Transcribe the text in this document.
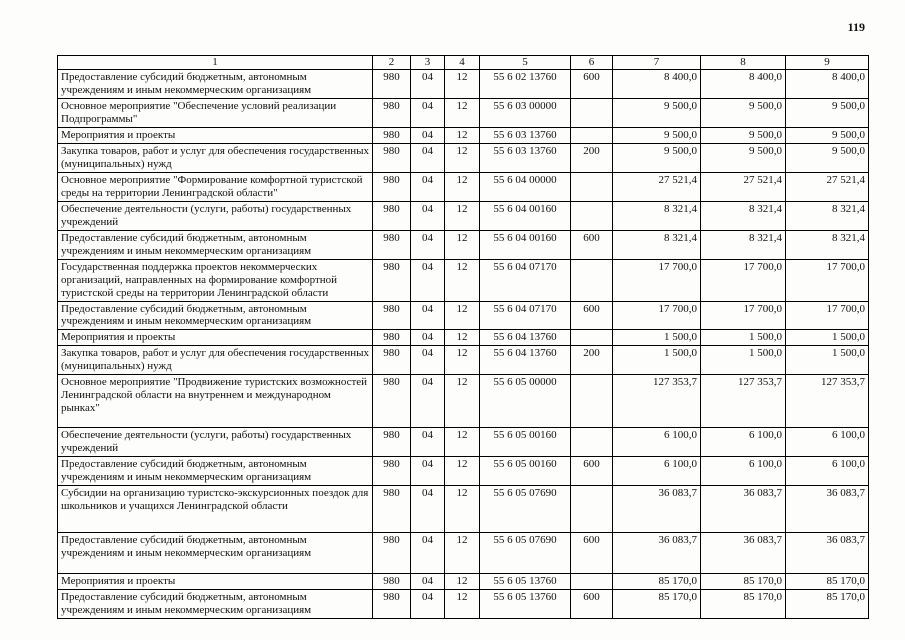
119
1	2	3	4	5	6	7	8	9
Предоставление субсидий бюджетным, автономным учреждениям и иным некоммерческим организациям	980	04	12	55 6 02 13760	600	8 400,0	8 400,0	8 400,0
Основное мероприятие "Обеспечение условий реализации Подпрограммы"	980	04	12	55 6 03 00000		9 500,0	9 500,0	9 500,0
Мероприятия и проекты	980	04	12	55 6 03 13760		9 500,0	9 500,0	9 500,0
Закупка товаров, работ и услуг для обеспечения государственных (муниципальных) нужд	980	04	12	55 6 03 13760	200	9 500,0	9 500,0	9 500,0
Основное мероприятие "Формирование комфортной туристской среды на территории Ленинградской области"	980	04	12	55 6 04 00000		27 521,4	27 521,4	27 521,4
Обеспечение деятельности (услуги, работы) государственных учреждений	980	04	12	55 6 04 00160		8 321,4	8 321,4	8 321,4
Предоставление субсидий бюджетным, автономным учреждениям и иным некоммерческим организациям	980	04	12	55 6 04 00160	600	8 321,4	8 321,4	8 321,4
Государственная поддержка проектов некоммерческих организаций, направленных на формирование комфортной туристской среды на территории Ленинградской области	980	04	12	55 6 04 07170		17 700,0	17 700,0	17 700,0
Предоставление субсидий бюджетным, автономным учреждениям и иным некоммерческим организациям	980	04	12	55 6 04 07170	600	17 700,0	17 700,0	17 700,0
Мероприятия и проекты	980	04	12	55 6 04 13760		1 500,0	1 500,0	1 500,0
Закупка товаров, работ и услуг для обеспечения государственных (муниципальных) нужд	980	04	12	55 6 04 13760	200	1 500,0	1 500,0	1 500,0
Основное мероприятие "Продвижение туристских возможностей Ленинградской области на внутреннем и международном рынках"	980	04	12	55 6 05 00000		127 353,7	127 353,7	127 353,7
Обеспечение деятельности (услуги, работы) государственных учреждений	980	04	12	55 6 05 00160		6 100,0	6 100,0	6 100,0
Предоставление субсидий бюджетным, автономным учреждениям и иным некоммерческим организациям	980	04	12	55 6 05 00160	600	6 100,0	6 100,0	6 100,0
Субсидии на организацию туристско-экскурсионных поездок для школьников и учащихся Ленинградской области	980	04	12	55 6 05 07690		36 083,7	36 083,7	36 083,7
Предоставление субсидий бюджетным, автономным учреждениям и иным некоммерческим организациям	980	04	12	55 6 05 07690	600	36 083,7	36 083,7	36 083,7
Мероприятия и проекты	980	04	12	55 6 05 13760		85 170,0	85 170,0	85 170,0
Предоставление субсидий бюджетным, автономным учреждениям и иным некоммерческим организациям	980	04	12	55 6 05 13760	600	85 170,0	85 170,0	85 170,0
